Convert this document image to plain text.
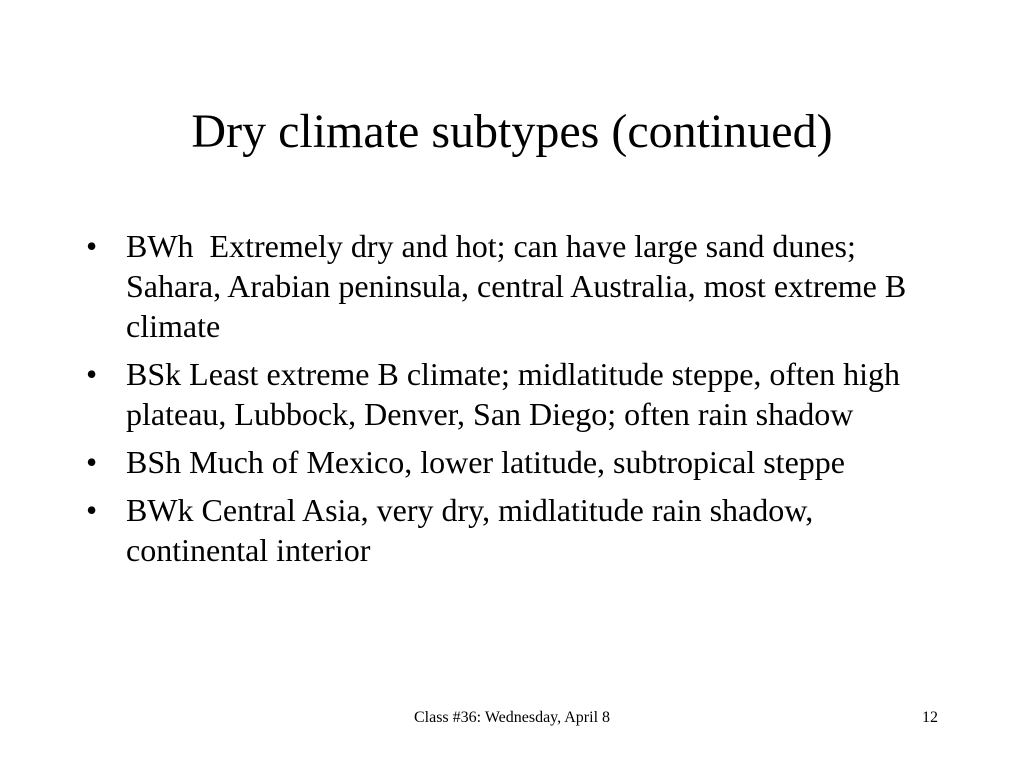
Dry climate subtypes (continued)
• BWh  Extremely dry and hot; can have large sand dunes; Sahara, Arabian peninsula, central Australia, most extreme B climate
• BSk Least extreme B climate; midlatitude steppe, often high plateau, Lubbock, Denver, San Diego; often rain shadow
• BSh Much of Mexico, lower latitude, subtropical steppe
• BWk Central Asia, very dry, midlatitude rain shadow, continental interior
Class #36: Wednesday, April 8	12
